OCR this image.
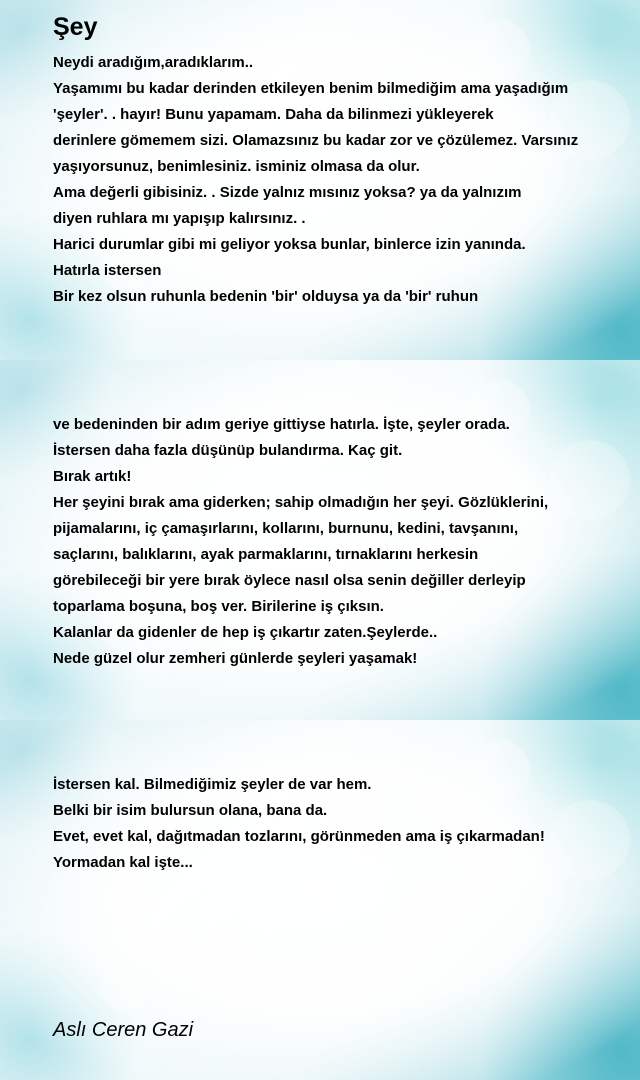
Şey
Neydi aradığım,aradıklarım..
Yaşamımı bu kadar derinden etkileyen benim bilmediğim ama yaşadığım
'şeyler'. . hayır! Bunu yapamam. Daha da bilinmezi yükleyerek
derinlere gömemem sizi. Olamazsınız bu kadar zor ve çözülemez. Varsınız
yaşıyorsunuz, benimlesiniz. isminiz olmasa da olur.
Ama değerli gibisiniz. . Sizde yalnız mısınız yoksa? ya da yalnızım
diyen ruhlara mı yapışıp kalırsınız. .
Harici durumlar gibi mi geliyor yoksa bunlar, binlerce izin yanında.
Hatırla istersen
Bir kez olsun ruhunla bedenin 'bir' olduysa ya da 'bir' ruhun
ve bedeninden bir adım geriye gittiyse hatırla. İşte, şeyler orada.
İstersen daha fazla düşünüp bulandırma. Kaç git.
Bırak artık!
Her şeyini bırak ama giderken; sahip olmadığın her şeyi. Gözlüklerini,
pijamalarını, iç çamaşırlarını, kollarını, burnunu, kedini, tavşanını,
saçlarını, balıklarını, ayak parmaklarını, tırnaklarını herkesin
görebileceği bir yere bırak öylece nasıl olsa senin değiller derleyip
toparlama boşuna, boş ver. Birilerine iş çıksın.
Kalanlar da gidenler de hep iş çıkartır zaten.Şeylerde..
Nede güzel olur zemheri günlerde şeyleri yaşamak!
İstersen kal. Bilmediğimiz şeyler de var hem.
Belki bir isim bulursun olana, bana da.
Evet, evet kal, dağıtmadan tozlarını, görünmeden ama iş çıkarmadan!
Yormadan kal işte...
Aslı Ceren Gazi
